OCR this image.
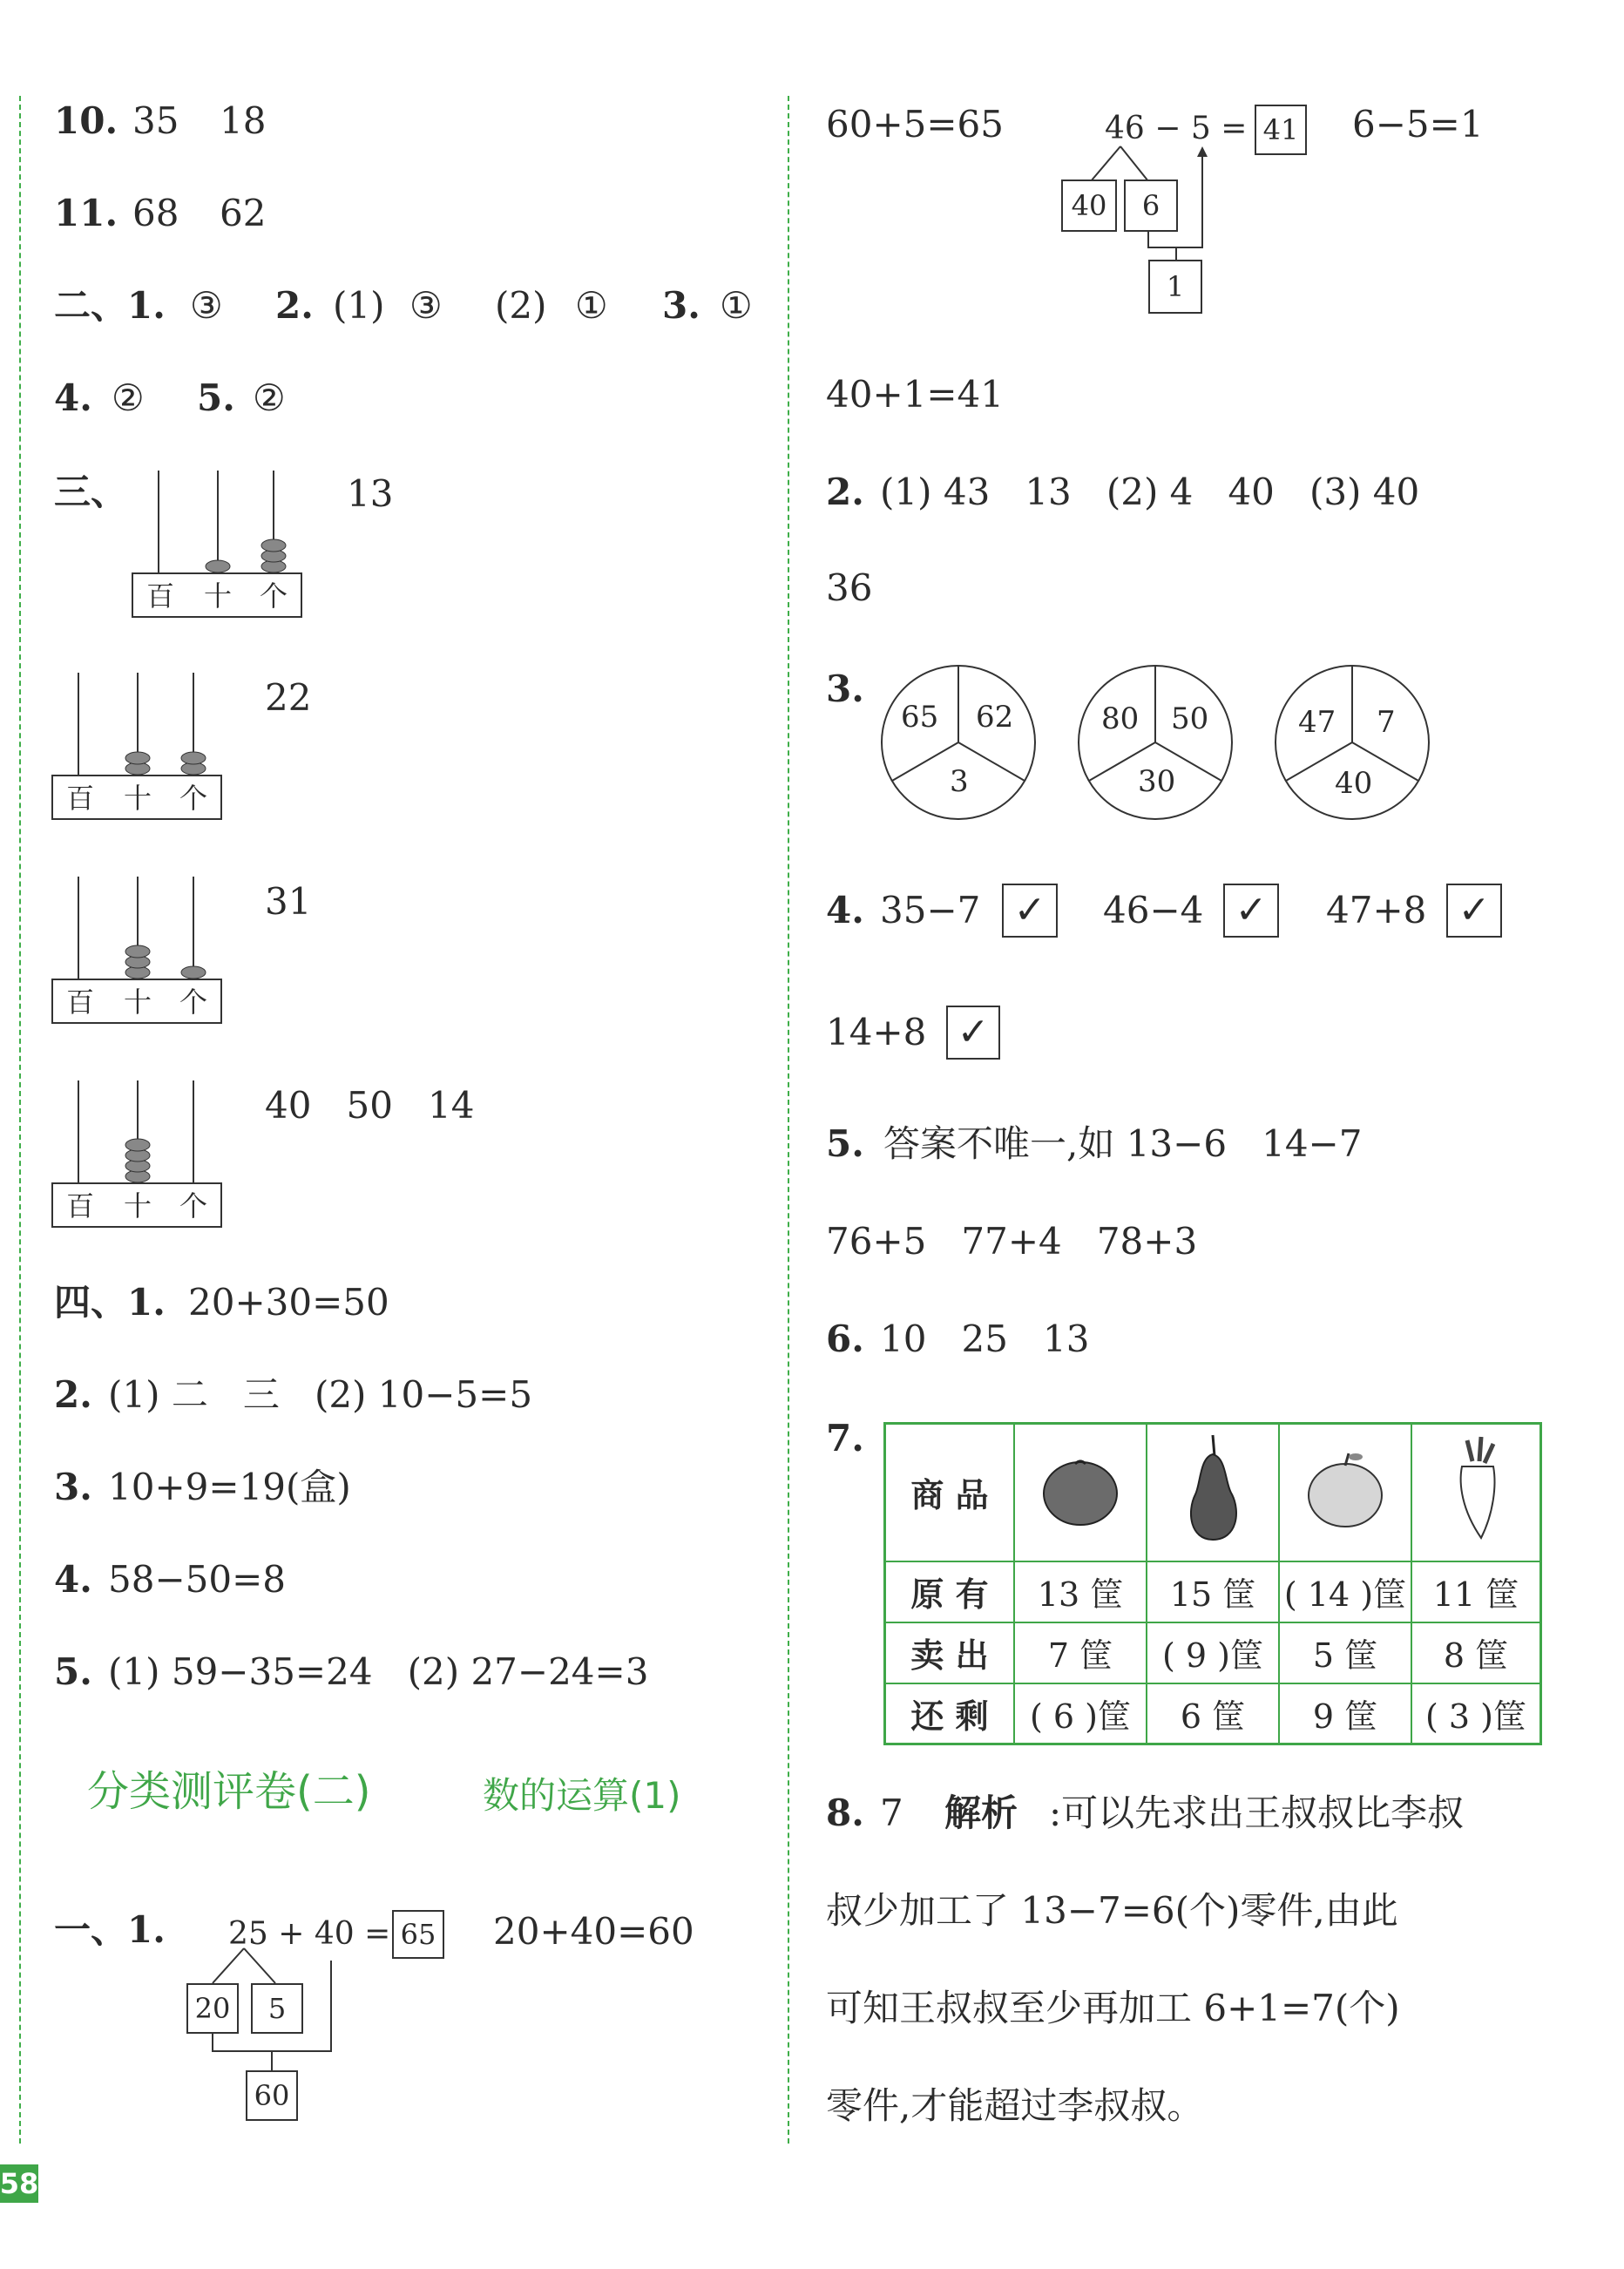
10. 35 18
11. 68 62
二、1. ③ 2. (1) ③ (2) ① 3. ①
4. ② 5. ②
三、
百 十 个
13
百 十 个
22
百 十 个
31
百 十 个
40   50   14
四、1. 20+30=50
2. (1) 二   三   (2) 10−5=5
3. 10+9=19(盒)
4. 58−50=8
5. (1) 59−35=24   (2) 27−24=3
分类测评卷(二)	数的运算(1)
一、1. 25 + 40 = 65
20	5
60
20+40=60
60+5=65	46 − 5 = 41
40	6
1
6−5=1
40+1=41
2. (1) 43   13   (2) 4   40   (3) 40
36
3.
65 62
3
80 50
30
47 7
40
4. 35−7 ✓	46−4 ✓	47+8 ✓
14+8 ✓
5. 答案不唯一,如 13−6   14−7
76+5   77+4   78+3
6. 10   25   13
7.
商 品				
原 有	13 筐	15 筐	( 14 )筐	11 筐
卖 出	7 筐	( 9 )筐	5 筐	8 筐
还 剩	( 6 )筐	6 筐	9 筐	( 3 )筐
8. 7 解析 :可以先求出王叔叔比李叔
叔少加工了 13−7=6(个)零件,由此
可知王叔叔至少再加工 6+1=7(个)
零件,才能超过李叔叔。
58
